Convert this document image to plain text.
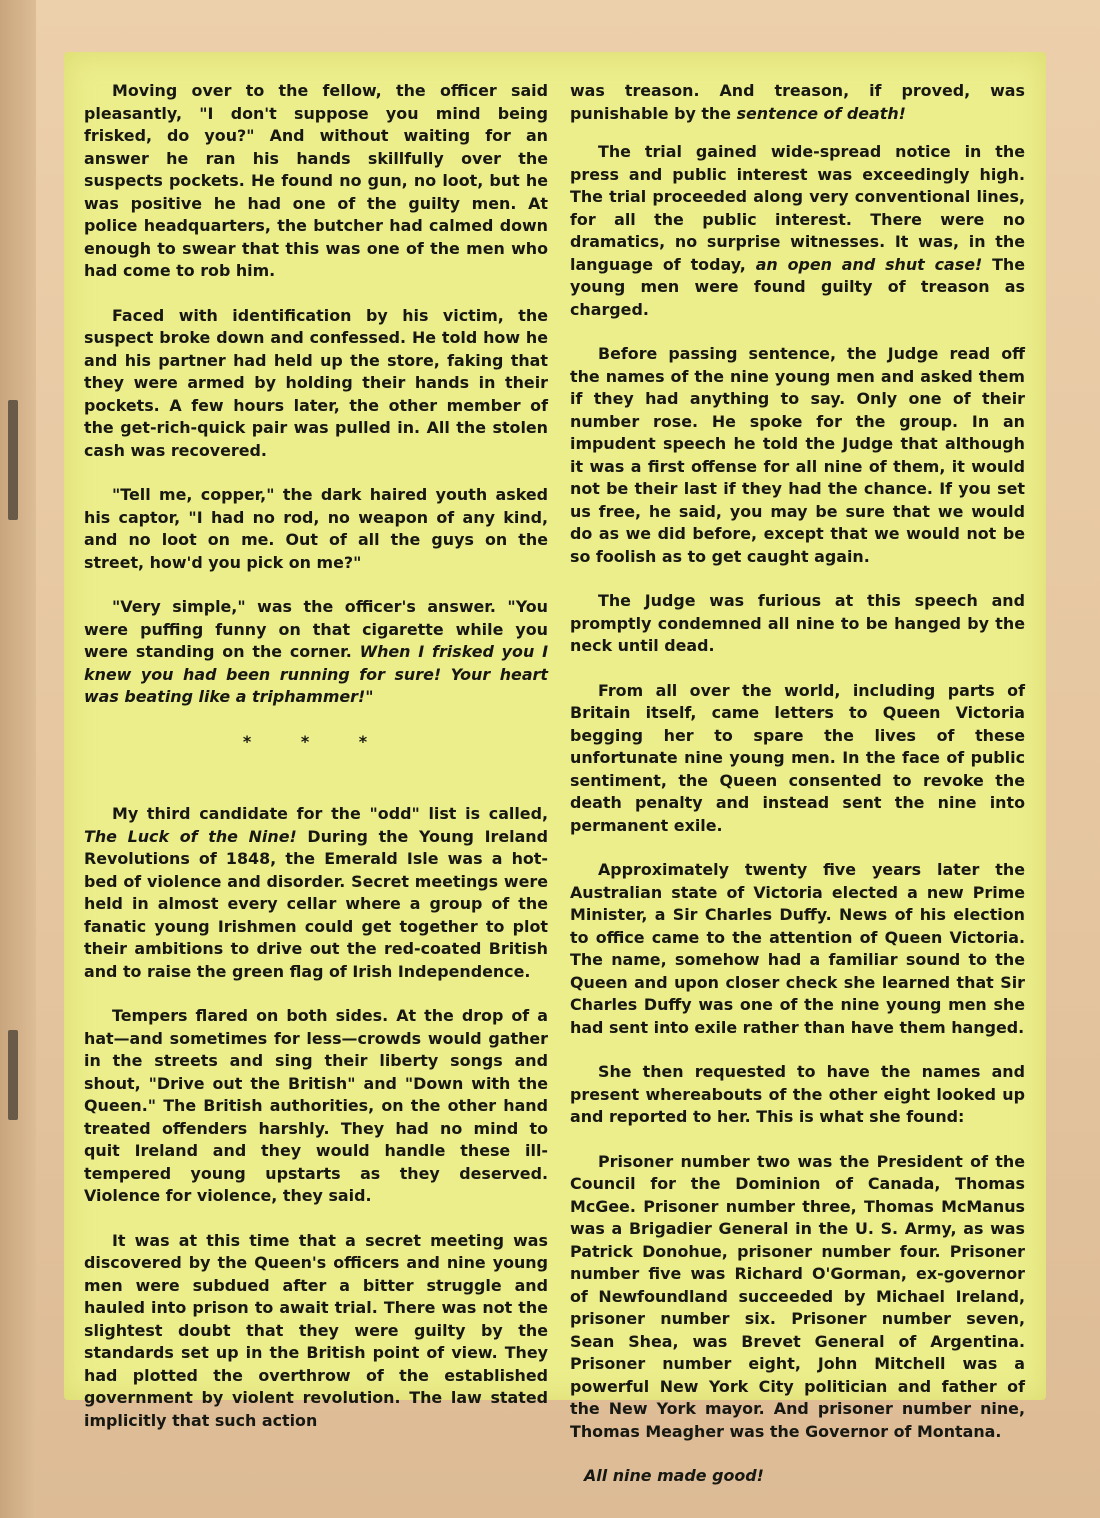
Moving over to the fellow, the officer said pleasantly, "I don't suppose you mind being frisked, do you?" And without waiting for an answer he ran his hands skillfully over the suspects pockets. He found no gun, no loot, but he was positive he had one of the guilty men. At police headquarters, the butcher had calmed down enough to swear that this was one of the men who had come to rob him.

Faced with identification by his victim, the suspect broke down and confessed. He told how he and his partner had held up the store, faking that they were armed by holding their hands in their pockets. A few hours later, the other member of the get-rich-quick pair was pulled in. All the stolen cash was recovered.

"Tell me, copper," the dark haired youth asked his captor, "I had no rod, no weapon of any kind, and no loot on me. Out of all the guys on the street, how'd you pick on me?"

"Very simple," was the officer's answer. "You were puffing funny on that cigarette while you were standing on the corner. When I frisked you I knew you had been running for sure! Your heart was beating like a triphammer!"

* * *

My third candidate for the "odd" list is called, The Luck of the Nine! During the Young Ireland Revolutions of 1848, the Emerald Isle was a hot-bed of violence and disorder. Secret meetings were held in almost every cellar where a group of the fanatic young Irishmen could get together to plot their ambitions to drive out the red-coated British and to raise the green flag of Irish Independence.

Tempers flared on both sides. At the drop of a hat—and sometimes for less—crowds would gather in the streets and sing their liberty songs and shout, "Drive out the British" and "Down with the Queen." The British authorities, on the other hand treated offenders harshly. They had no mind to quit Ireland and they would handle these ill-tempered young upstarts as they deserved. Violence for violence, they said.

It was at this time that a secret meeting was discovered by the Queen's officers and nine young men were subdued after a bitter struggle and hauled into prison to await trial. There was not the slightest doubt that they were guilty by the standards set up in the British point of view. They had plotted the overthrow of the established government by violent revolution. The law stated implicitly that such action

was treason. And treason, if proved, was punishable by the sentence of death!

The trial gained wide-spread notice in the press and public interest was exceedingly high. The trial proceeded along very conventional lines, for all the public interest. There were no dramatics, no surprise witnesses. It was, in the language of today, an open and shut case! The young men were found guilty of treason as charged.

Before passing sentence, the Judge read off the names of the nine young men and asked them if they had anything to say. Only one of their number rose. He spoke for the group. In an impudent speech he told the Judge that although it was a first offense for all nine of them, it would not be their last if they had the chance. If you set us free, he said, you may be sure that we would do as we did before, except that we would not be so foolish as to get caught again.

The Judge was furious at this speech and promptly condemned all nine to be hanged by the neck until dead.

From all over the world, including parts of Britain itself, came letters to Queen Victoria begging her to spare the lives of these unfortunate nine young men. In the face of public sentiment, the Queen consented to revoke the death penalty and instead sent the nine into permanent exile.

Approximately twenty five years later the Australian state of Victoria elected a new Prime Minister, a Sir Charles Duffy. News of his election to office came to the attention of Queen Victoria. The name, somehow had a familiar sound to the Queen and upon closer check she learned that Sir Charles Duffy was one of the nine young men she had sent into exile rather than have them hanged.

She then requested to have the names and present whereabouts of the other eight looked up and reported to her. This is what she found:

Prisoner number two was the President of the Council for the Dominion of Canada, Thomas McGee. Prisoner number three, Thomas McManus was a Brigadier General in the U. S. Army, as was Patrick Donohue, prisoner number four. Prisoner number five was Richard O'Gorman, ex-governor of Newfoundland succeeded by Michael Ireland, prisoner number six. Prisoner number seven, Sean Shea, was Brevet General of Argentina. Prisoner number eight, John Mitchell was a powerful New York City politician and father of the New York mayor. And prisoner number nine, Thomas Meagher was the Governor of Montana.

All nine made good!
